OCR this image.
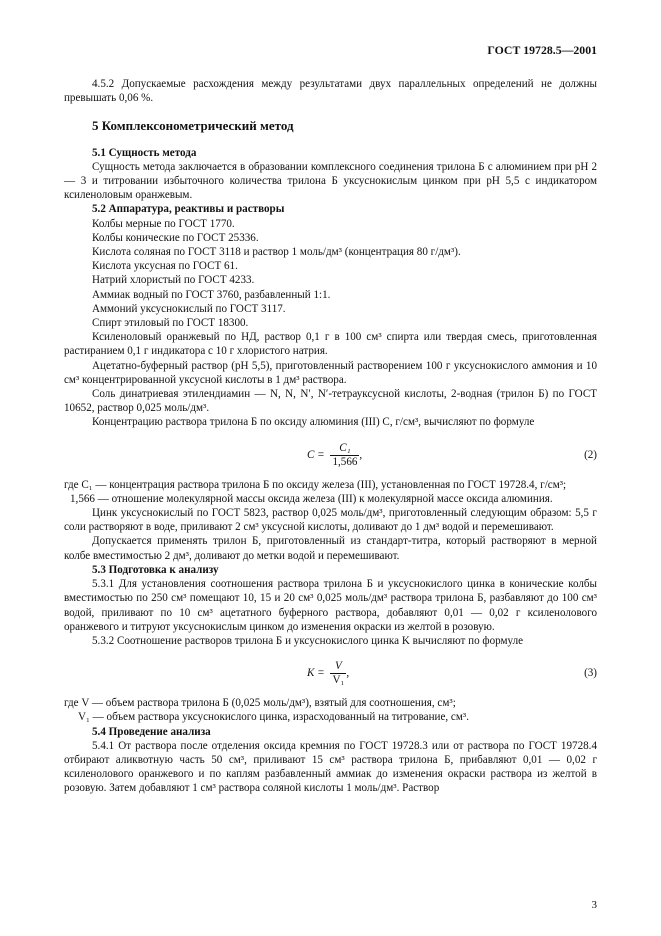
ГОСТ 19728.5—2001

4.5.2 Допускаемые расхождения между результатами двух параллельных определений не должны превышать 0,06 %.

5 Комплексонометрический метод

5.1 Сущность метода

Сущность метода заключается в образовании комплексного соединения трилона Б с алюминием при pH 2 — 3 и титровании избыточного количества трилона Б уксуснокислым цинком при pH 5,5 с индикатором ксиленоловым оранжевым.

5.2 Аппаратура, реактивы и растворы

Колбы мерные по ГОСТ 1770.

Колбы конические по ГОСТ 25336.

Кислота соляная по ГОСТ 3118 и раствор 1 моль/дм³ (концентрация 80 г/дм³).

Кислота уксусная по ГОСТ 61.

Натрий хлористый по ГОСТ 4233.

Аммиак водный по ГОСТ 3760, разбавленный 1:1.

Аммоний уксуснокислый по ГОСТ 3117.

Спирт этиловый по ГОСТ 18300.

Ксиленоловый оранжевый по НД, раствор 0,1 г в 100 см³ спирта или твердая смесь, приготовленная растиранием 0,1 г индикатора с 10 г хлористого натрия.

Ацетатно-буферный раствор (pH 5,5), приготовленный растворением 100 г уксуснокислого аммония и 10 см³ концентрированной уксусной кислоты в 1 дм³ раствора.

Соль динатриевая этилендиамин — N, N, N′, N′-тетрауксусной кислоты, 2-водная (трилон Б) по ГОСТ 10652, раствор 0,025 моль/дм³.

Концентрацию раствора трилона Б по оксиду алюминия (III) C, г/см³, вычисляют по формуле

$C = \frac{\text{C₁}}{1,566}$ ,	(2)

где C₁ — концентрация раствора трилона Б по оксиду железа (III), установленная по ГОСТ 19728.4, г/см³;

1,566 — отношение молекулярной массы оксида железа (III) к молекулярной массе оксида алюминия.

Цинк уксуснокислый по ГОСТ 5823, раствор 0,025 моль/дм³, приготовленный следующим образом: 5,5 г соли растворяют в воде, приливают 2 см³ уксусной кислоты, доливают до 1 дм³ водой и перемешивают.

Допускается применять трилон Б, приготовленный из стандарт-титра, который растворяют в мерной колбе вместимостью 2 дм³, доливают до метки водой и перемешивают.

5.3 Подготовка к анализу

5.3.1 Для установления соотношения раствора трилона Б и уксуснокислого цинка в конические колбы вместимостью по 250 см³ помещают 10, 15 и 20 см³ 0,025 моль/дм³ раствора трилона Б, разбавляют до 100 см³ водой, приливают по 10 см³ ацетатного буферного раствора, добавляют 0,01 — 0,02 г ксиленолового оранжевого и титруют уксуснокислым цинком до изменения окраски из желтой в розовую.

5.3.2 Соотношение растворов трилона Б и уксуснокислого цинка K вычисляют по формуле

$K = \frac{V}{\text{V₁}}$ ,	(3)

где V — объем раствора трилона Б (0,025 моль/дм³), взятый для соотношения, см³;

V₁ — объем раствора уксуснокислого цинка, израсходованный на титрование, см³.

5.4 Проведение анализа

5.4.1 От раствора после отделения оксида кремния по ГОСТ 19728.3 или от раствора по ГОСТ 19728.4 отбирают аликвотную часть 50 см³, приливают 15 см³ раствора трилона Б, прибавляют 0,01 — 0,02 г ксиленолового оранжевого и по каплям разбавленный аммиак до изменения окраски раствора из желтой в розовую. Затем добавляют 1 см³ раствора соляной кислоты 1 моль/дм³. Раствор

3
